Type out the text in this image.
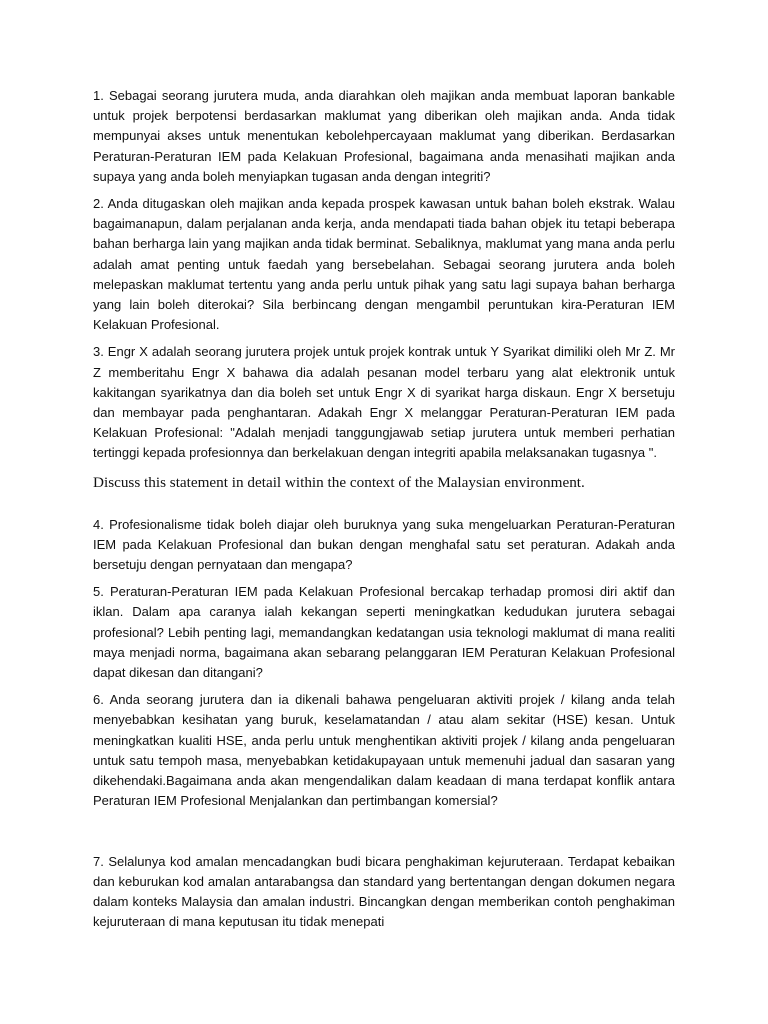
1. Sebagai seorang jurutera muda, anda diarahkan oleh majikan anda membuat laporan bankable untuk projek berpotensi berdasarkan maklumat yang diberikan oleh majikan anda. Anda tidak mempunyai akses untuk menentukan kebolehpercayaan maklumat yang diberikan. Berdasarkan Peraturan-Peraturan IEM pada Kelakuan Profesional, bagaimana anda menasihati majikan anda supaya yang anda boleh menyiapkan tugasan anda dengan integriti?

2. Anda ditugaskan oleh majikan anda kepada prospek kawasan untuk bahan boleh ekstrak. Walau bagaimanapun, dalam perjalanan anda kerja, anda mendapati tiada bahan objek itu tetapi beberapa bahan berharga lain yang majikan anda tidak berminat. Sebaliknya, maklumat yang mana anda perlu adalah amat penting untuk faedah yang bersebelahan. Sebagai seorang jurutera anda boleh melepaskan maklumat tertentu yang anda perlu untuk pihak yang satu lagi supaya bahan berharga yang lain boleh diterokai? Sila berbincang dengan mengambil peruntukan kira-Peraturan IEM Kelakuan Profesional.

3. Engr X adalah seorang jurutera projek untuk projek kontrak untuk Y Syarikat dimiliki oleh Mr Z. Mr Z memberitahu Engr X bahawa dia adalah pesanan model terbaru yang alat elektronik untuk kakitangan syarikatnya dan dia boleh set untuk Engr X di syarikat harga diskaun. Engr X bersetuju dan membayar pada penghantaran. Adakah Engr X melanggar Peraturan-Peraturan IEM pada Kelakuan Profesional: "Adalah menjadi tanggungjawab setiap jurutera untuk memberi perhatian tertinggi kepada profesionnya dan berkelakuan dengan integriti apabila melaksanakan tugasnya ".

Discuss this statement in detail within the context of the Malaysian environment.

4. Profesionalisme tidak boleh diajar oleh buruknya yang suka mengeluarkan Peraturan-Peraturan IEM pada Kelakuan Profesional dan bukan dengan menghafal satu set peraturan. Adakah anda bersetuju dengan pernyataan dan mengapa?

5. Peraturan-Peraturan IEM pada Kelakuan Profesional bercakap terhadap promosi diri aktif dan iklan. Dalam apa caranya ialah kekangan seperti meningkatkan kedudukan jurutera sebagai profesional? Lebih penting lagi, memandangkan kedatangan usia teknologi maklumat di mana realiti maya menjadi norma, bagaimana akan sebarang pelanggaran IEM Peraturan Kelakuan Profesional dapat dikesan dan ditangani?

6. Anda seorang jurutera dan ia dikenali bahawa pengeluaran aktiviti projek / kilang anda telah menyebabkan kesihatan yang buruk, keselamatandan / atau alam sekitar (HSE) kesan. Untuk meningkatkan kualiti HSE, anda perlu untuk menghentikan aktiviti projek / kilang anda pengeluaran untuk satu tempoh masa, menyebabkan ketidakupayaan untuk memenuhi jadual dan sasaran yang dikehendaki.Bagaimana anda akan mengendalikan dalam keadaan di mana terdapat konflik antara Peraturan IEM Profesional Menjalankan dan pertimbangan komersial?

7. Selalunya kod amalan mencadangkan budi bicara penghakiman kejuruteraan. Terdapat kebaikan dan keburukan kod amalan antarabangsa dan standard yang bertentangan dengan dokumen negara dalam konteks Malaysia dan amalan industri. Bincangkan dengan memberikan contoh penghakiman kejuruteraan di mana keputusan itu tidak menepati
